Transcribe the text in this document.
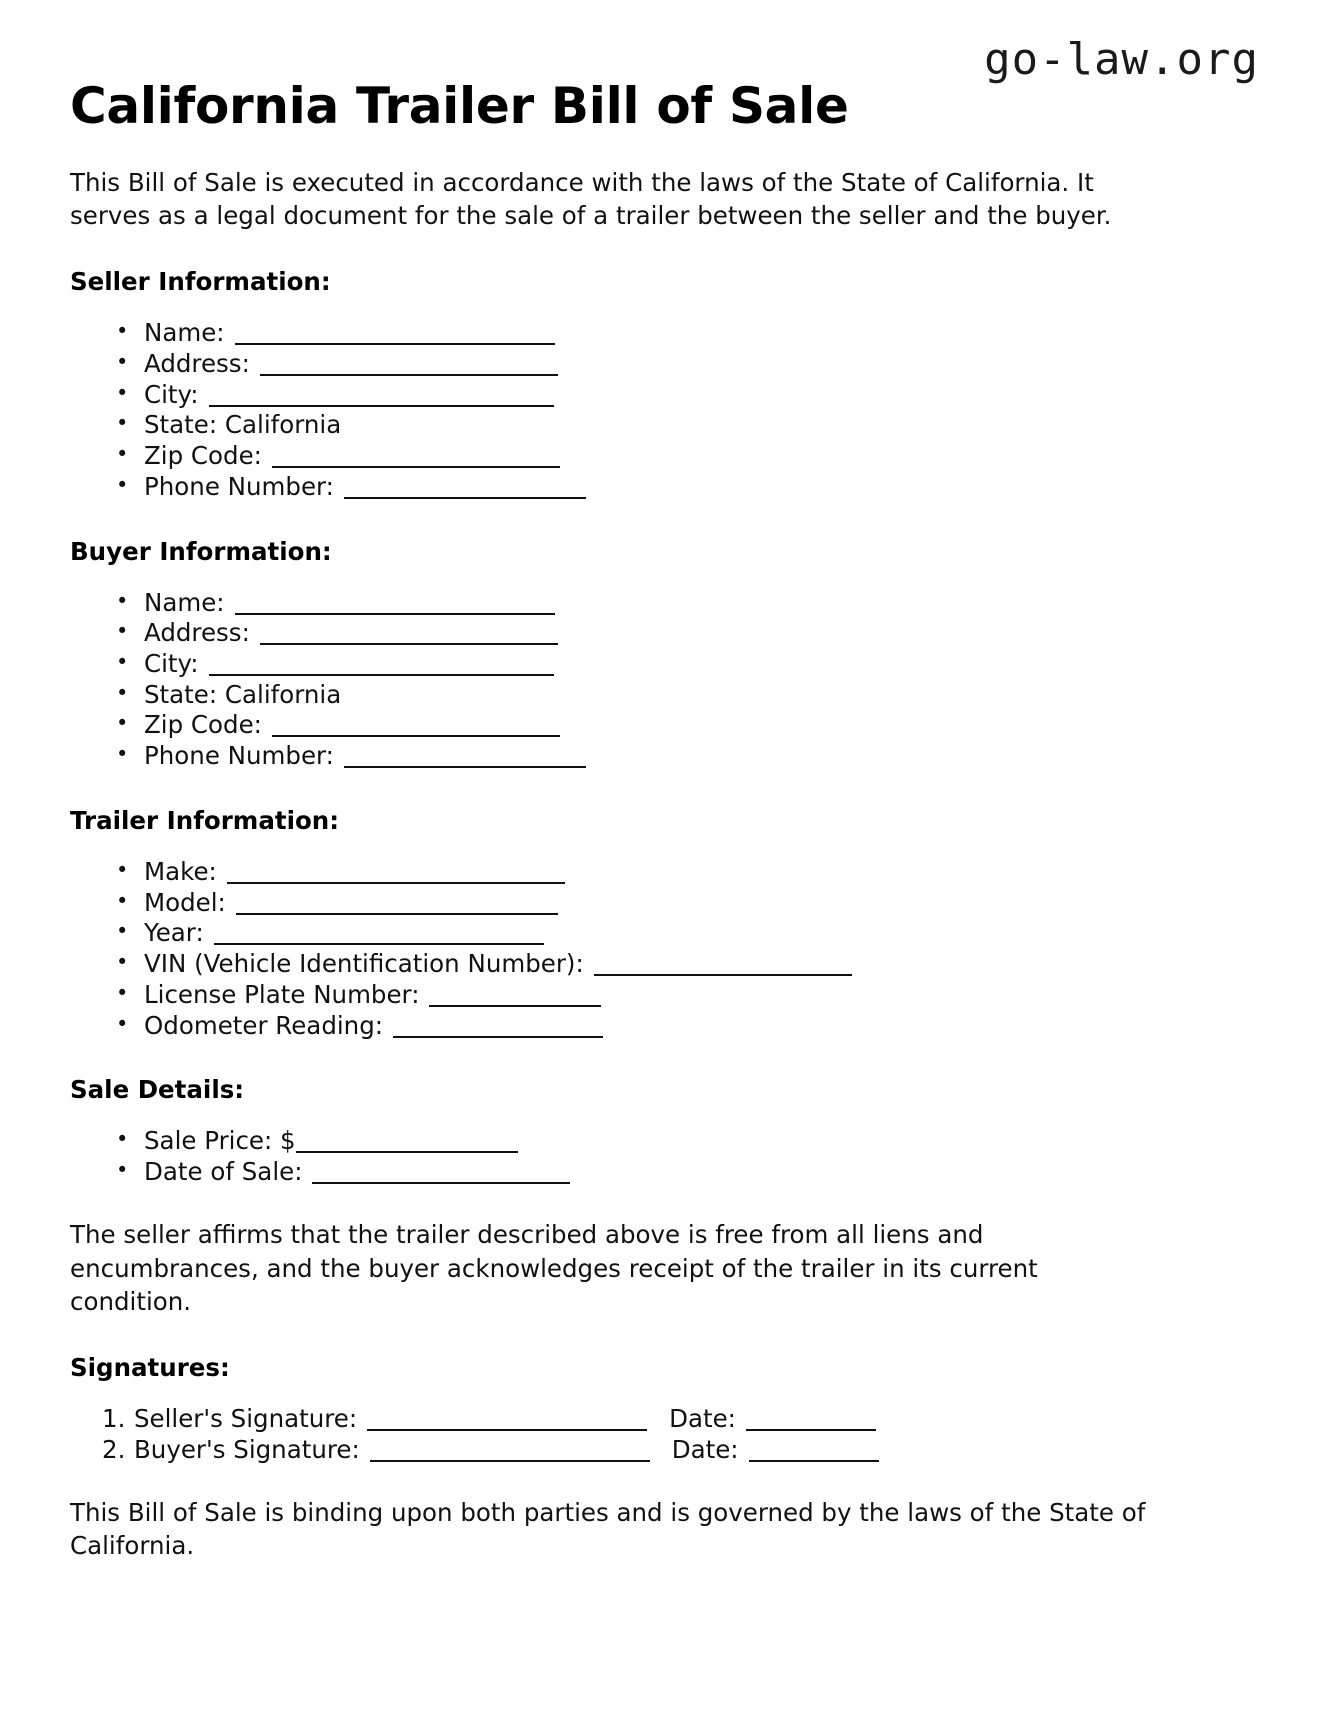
go-law.org
California Trailer Bill of Sale

This Bill of Sale is executed in accordance with the laws of the State of California. It serves as a legal document for the sale of a trailer between the seller and the buyer.

Seller Information:
• Name:
• Address:
• City:
• State: California
• Zip Code:
• Phone Number:
Buyer Information:
• Name:
• Address:
• City:
• State: California
• Zip Code:
• Phone Number:
Trailer Information:
• Make:
• Model:
• Year:
• VIN (Vehicle Identification Number):
• License Plate Number:
• Odometer Reading:
Sale Details:
• Sale Price: $
• Date of Sale:

The seller affirms that the trailer described above is free from all liens and encumbrances, and the buyer acknowledges receipt of the trailer in its current condition.

Signatures:
Seller's Signature:	Date:
Buyer's Signature:	Date:

This Bill of Sale is binding upon both parties and is governed by the laws of the State of California.
